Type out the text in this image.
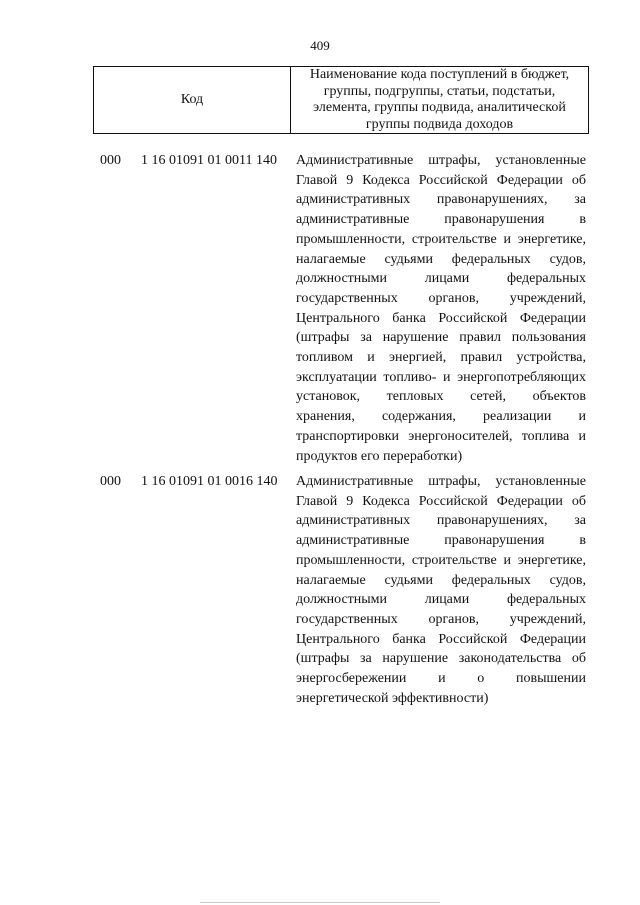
409
Код
Наименование кода поступлений в бюджет, группы, подгруппы, статьи, подстатьи, элемента, группы подвида, аналитической группы подвида доходов
000 1 16 01091 01 0011 140 Административные штрафы, установленные
Главой 9 Кодекса Российской Федерации об
административных правонарушениях, за
административные правонарушения в
промышленности, строительстве и энергетике,
налагаемые судьями федеральных судов,
должностными лицами федеральных
государственных органов, учреждений,
Центрального банка Российской Федерации
(штрафы за нарушение правил пользования
топливом и энергией, правил устройства,
эксплуатации топливо- и энергопотребляющих
установок, тепловых сетей, объектов
хранения, содержания, реализации и
транспортировки энергоносителей, топлива и
продуктов его переработки)
000 1 16 01091 01 0016 140 Административные штрафы, установленные
Главой 9 Кодекса Российской Федерации об
административных правонарушениях, за
административные правонарушения в
промышленности, строительстве и энергетике,
налагаемые судьями федеральных судов,
должностными лицами федеральных
государственных органов, учреждений,
Центрального банка Российской Федерации
(штрафы за нарушение законодательства об
энергосбережении и о повышении
энергетической эффективности)
